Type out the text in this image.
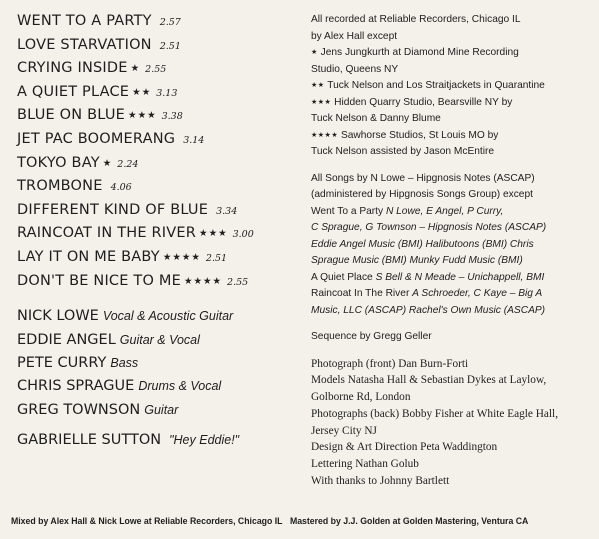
WENT TO A PARTY 2.57
LOVE STARVATION 2.51
CRYING INSIDE ★ 2.55
A QUIET PLACE ★★ 3.13
BLUE ON BLUE ★★★ 3.38
JET PAC BOOMERANG 3.14
TOKYO BAY ★ 2.24
TROMBONE 4.06
DIFFERENT KIND OF BLUE 3.34
RAINCOAT IN THE RIVER ★★★ 3.00
LAY IT ON ME BABY ★★★★ 2.51
DON'T BE NICE TO ME ★★★★ 2.55
NICK LOWE Vocal & Acoustic Guitar
EDDIE ANGEL Guitar & Vocal
PETE CURRY Bass
CHRIS SPRAGUE Drums & Vocal
GREG TOWNSON Guitar
GABRIELLE SUTTON "Hey Eddie!"
All recorded at Reliable Recorders, Chicago IL
by Alex Hall except
★ Jens Jungkurth at Diamond Mine Recording
Studio, Queens NY
★★ Tuck Nelson and Los Straitjackets in Quarantine
★★★ Hidden Quarry Studio, Bearsville NY by
Tuck Nelson & Danny Blume
★★★★ Sawhorse Studios, St Louis MO by
Tuck Nelson assisted by Jason McEntire
All Songs by N Lowe – Hipgnosis Notes (ASCAP)
(administered by Hipgnosis Songs Group) except
Went To a Party N Lowe, E Angel, P Curry,
C Sprague, G Townson – Hipgnosis Notes (ASCAP)
Eddie Angel Music (BMI) Halibutoons (BMI) Chris
Sprague Music (BMI) Munky Fudd Music (BMI)
A Quiet Place S Bell & N Meade – Unichappell, BMI
Raincoat In The River A Schroeder, C Kaye – Big A
Music, LLC (ASCAP) Rachel's Own Music (ASCAP)
Sequence by Gregg Geller
Photograph (front) Dan Burn-Forti
Models Natasha Hall & Sebastian Dykes at Laylow,
Golborne Rd, London
Photographs (back) Bobby Fisher at White Eagle Hall,
Jersey City NJ
Design & Art Direction Peta Waddington
Lettering Nathan Golub
With thanks to Johnny Bartlett
Mixed by Alex Hall & Nick Lowe at Reliable Recorders, Chicago IL Mastered by J.J. Golden at Golden Mastering, Ventura CA
